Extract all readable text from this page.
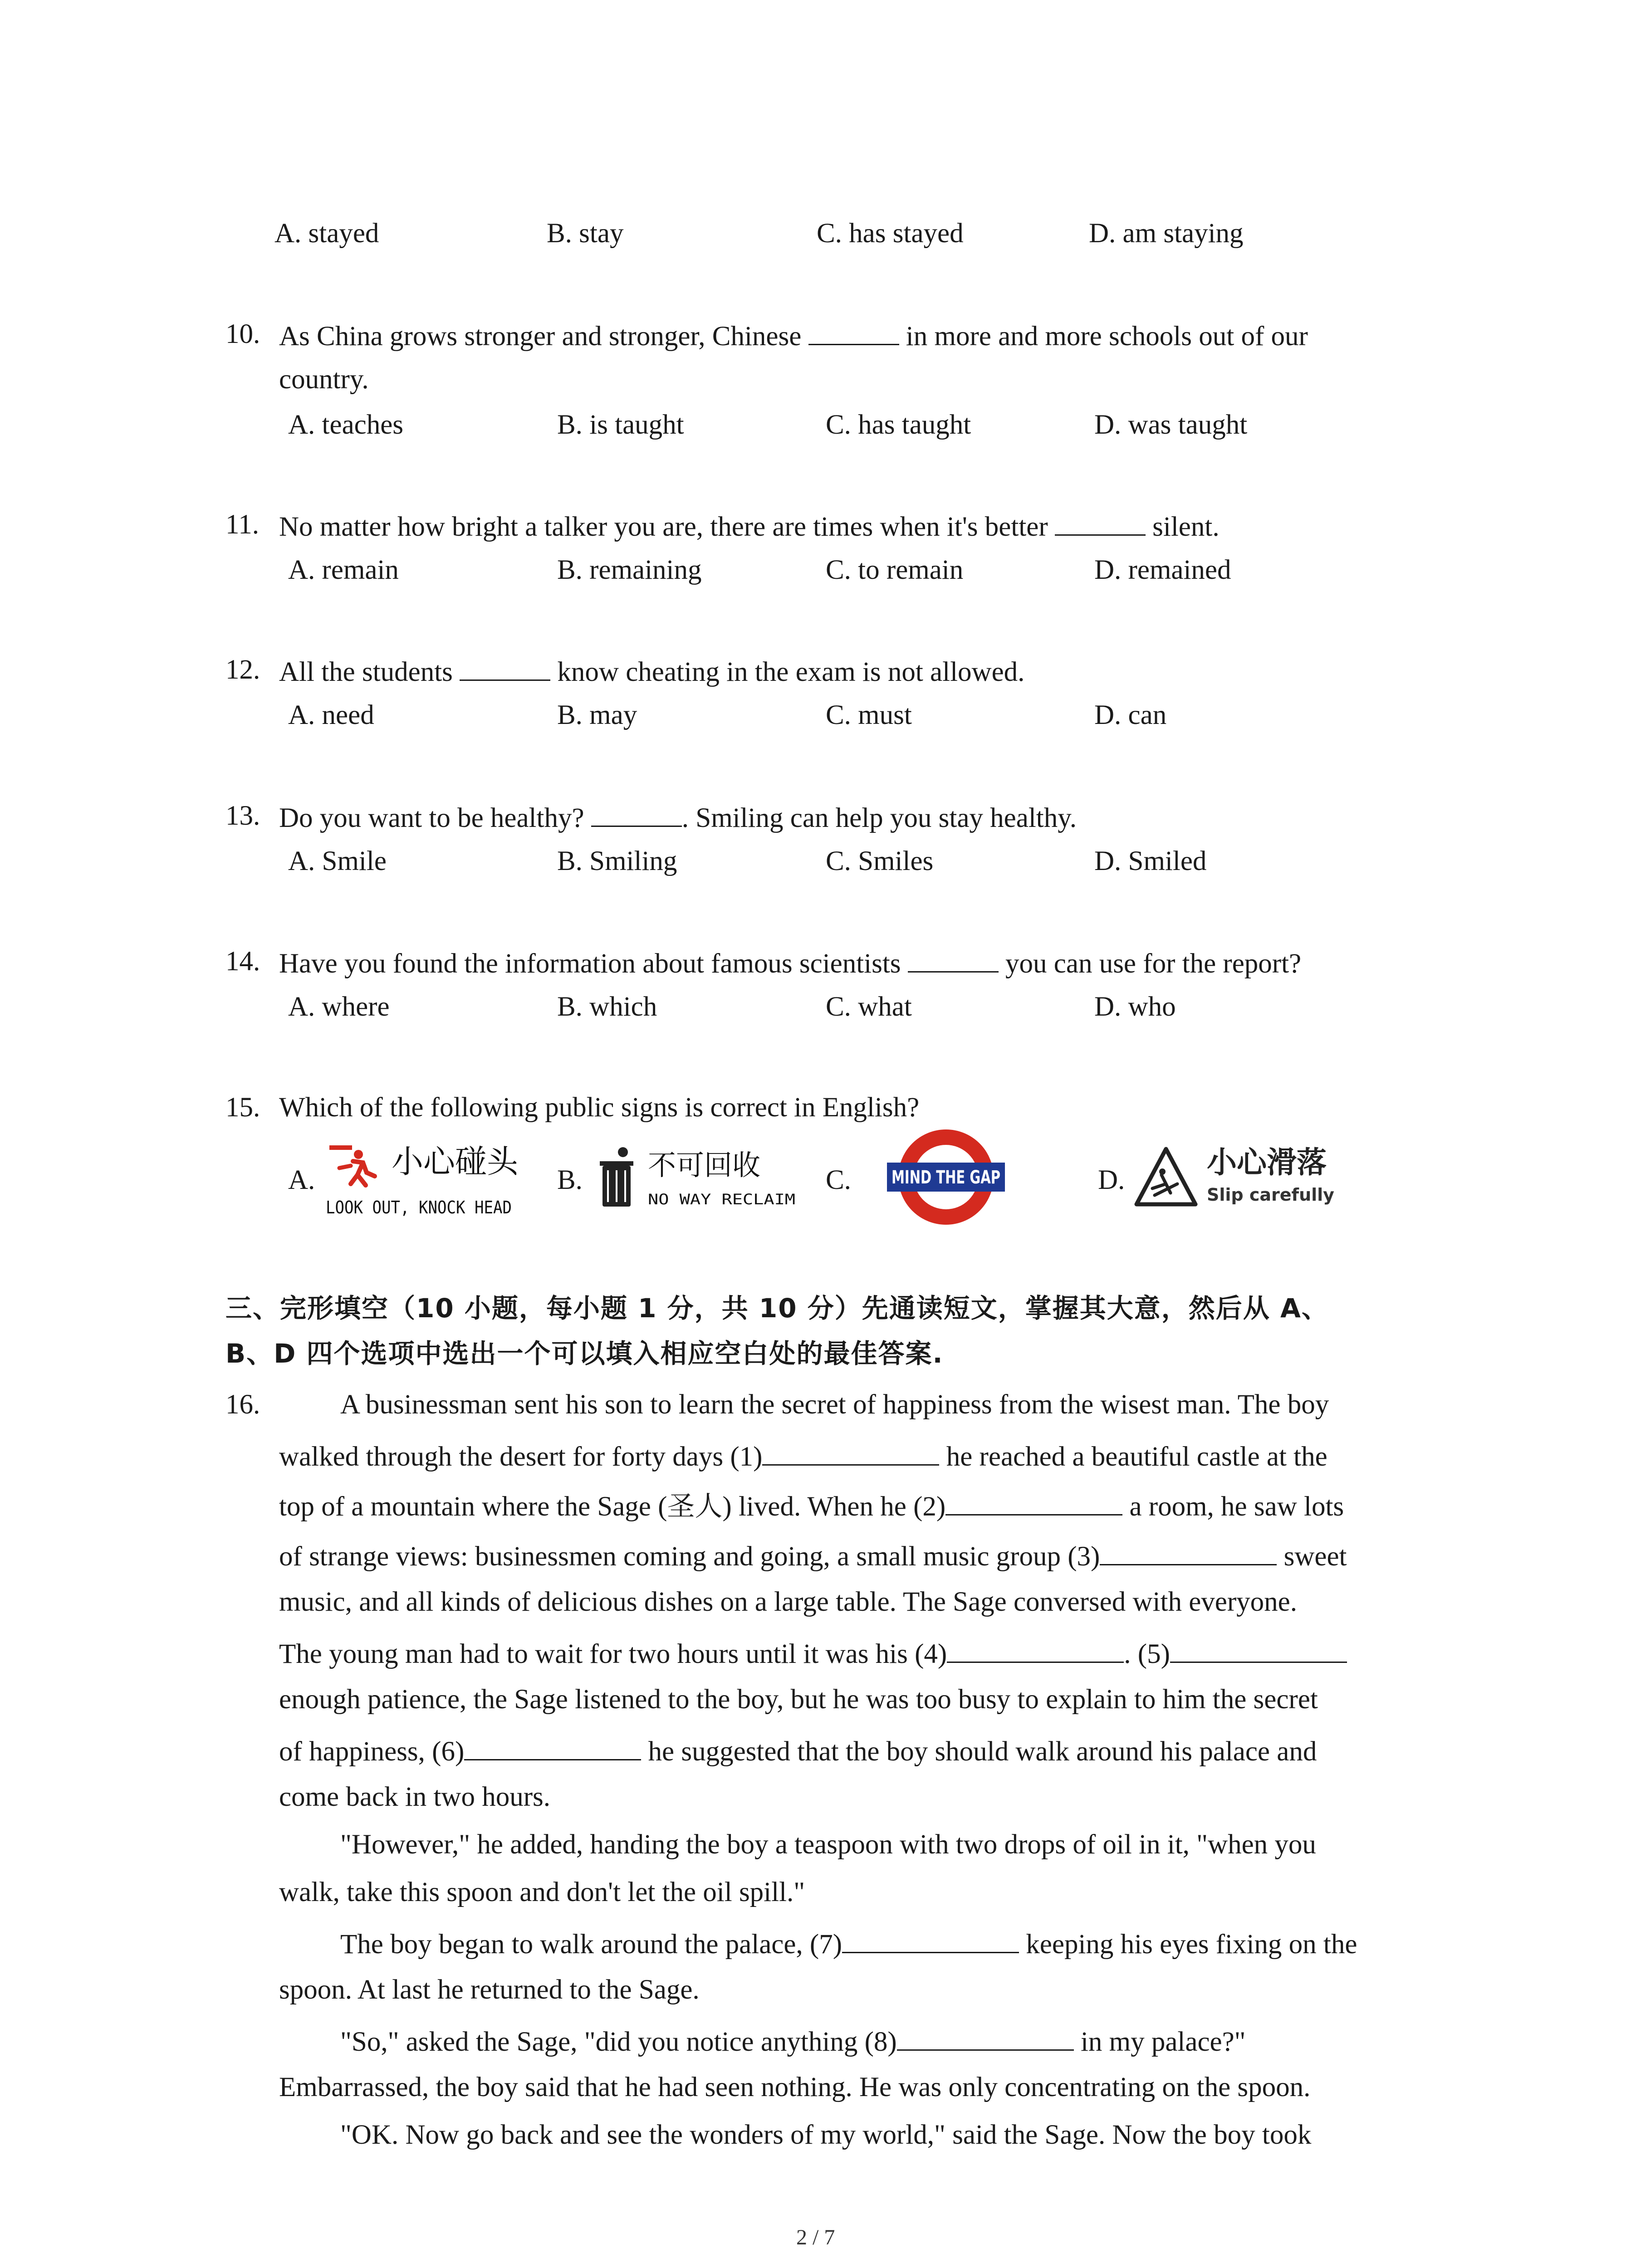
A. stayed	B. stay	C. has stayed	D. am staying
10. As China grows stronger and stronger, Chinese	in more and more schools out of our
country.
A. teaches	B. is taught	C. has taught	D. was taught
11. No matter how bright a talker you are, there are times when it's better	silent.
A. remain	B. remaining	C. to remain	D. remained
12. All the students	know cheating in the exam is not allowed.
A. need	B. may	C. must	D. can
13. Do you want to be healthy?	. Smiling can help you stay healthy.
A. Smile	B. Smiling	C. Smiles	D. Smiled
14. Have you found the information about famous scientists	you can use for the report?
A. where	B. which	C. what	D. who
15. Which of the following public signs is correct in English?
A. 小心碰头
LOOK OUT, KNOCK HEAD
B. 不可回收
NO WAY RECLAIM
C. MIND THE GAP	D.
小心滑落
Slip carefully
三、完形填空（10 小题，每小题 1 分，共 10 分）先通读短文，掌握其大意，然后从 A、
B、D 四个选项中选出一个可以填入相应空白处的最佳答案.
16.	A businessman sent his son to learn the secret of happiness from the wisest man. The boy
walked through the desert for forty days (1)	he reached a beautiful castle at the
top of a mountain where the Sage (圣人) lived. When he (2)	a room, he saw lots
of strange views: businessmen coming and going, a small music group (3)	sweet
music, and all kinds of delicious dishes on a large table. The Sage conversed with everyone.
The young man had to wait for two hours until it was his (4)	. (5)
enough patience, the Sage listened to the boy, but he was too busy to explain to him the secret
of happiness, (6)	he suggested that the boy should walk around his palace and
come back in two hours.
"However," he added, handing the boy a teaspoon with two drops of oil in it, "when you
walk, take this spoon and don't let the oil spill."
The boy began to walk around the palace, (7)	keeping his eyes fixing on the
spoon. At last he returned to the Sage.
"So," asked the Sage, "did you notice anything (8)	in my palace?"
Embarrassed, the boy said that he had seen nothing. He was only concentrating on the spoon.
"OK. Now go back and see the wonders of my world," said the Sage. Now the boy took
2 / 7
